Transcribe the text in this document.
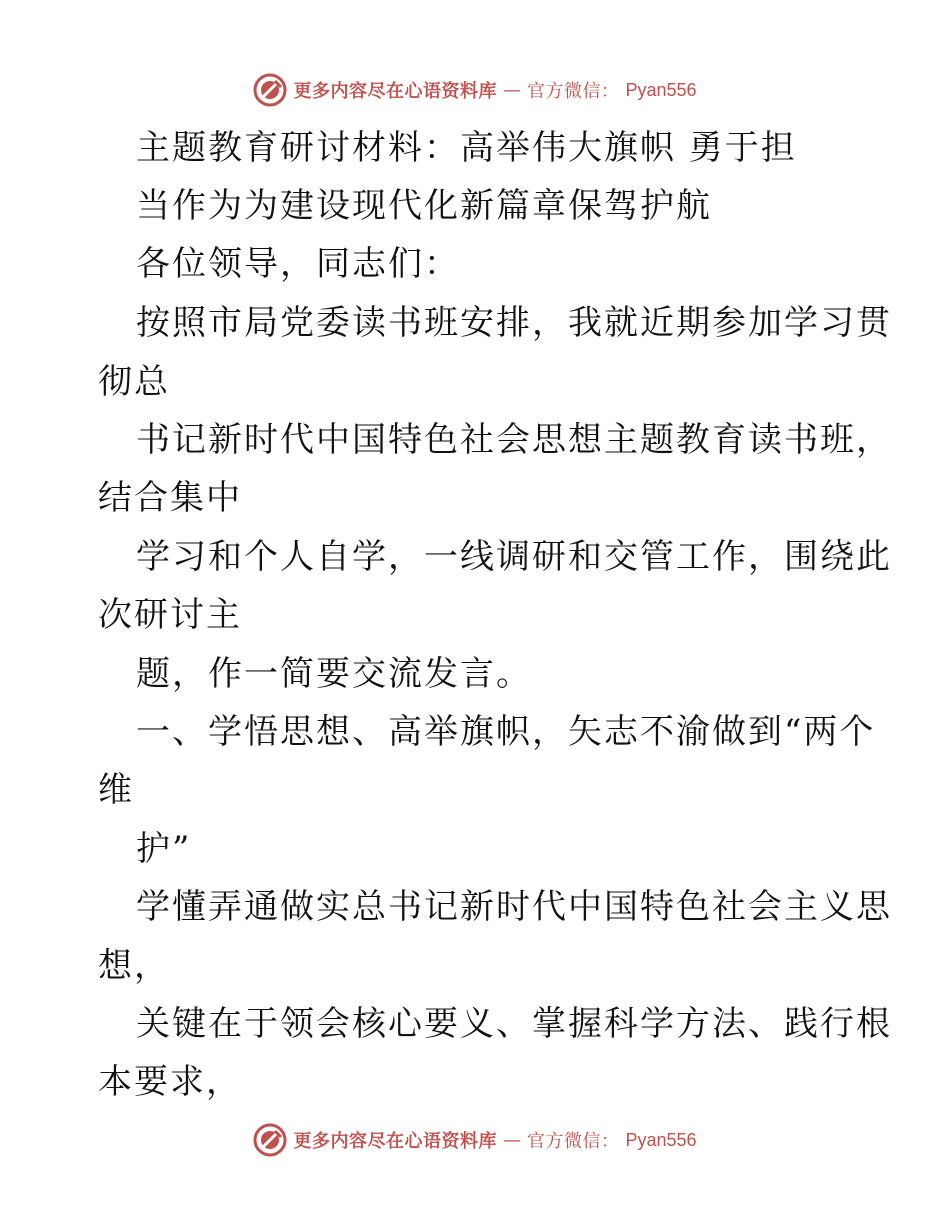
更多内容尽在心语资料库 — 官方微信： Pyan556
主题教育研讨材料：高举伟大旗帜 勇于担
当作为为建设现代化新篇章保驾护航
各位领导，同志们：
按照市局党委读书班安排，我就近期参加学习贯
彻总
书记新时代中国特色社会思想主题教育读书班，
结合集中
学习和个人自学，一线调研和交管工作，围绕此
次研讨主
题，作一简要交流发言。
一、学悟思想、高举旗帜，矢志不渝做到“两个
维
护”
学懂弄通做实总书记新时代中国特色社会主义思
想，
关键在于领会核心要义、掌握科学方法、践行根
本要求，
更多内容尽在心语资料库 — 官方微信： Pyan556
